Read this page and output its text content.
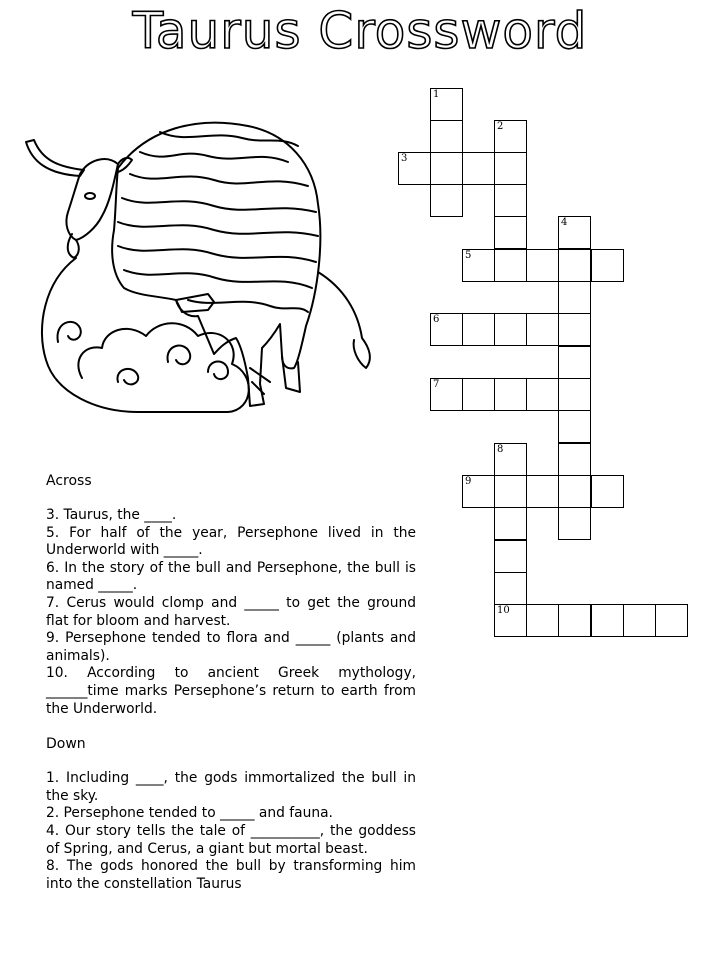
Taurus Crossword
1
3
2
5
4
6
7
8
9
10
Across

3. Taurus, the ____.

5. For half of the year, Persephone lived in the Underworld with _____.

6. In the story of the bull and Persephone, the bull is named _____.

7. Cerus would clomp and _____ to get the ground flat for bloom and harvest.

9. Persephone tended to flora and _____ (plants and animals).

10. According to ancient Greek mythology, ______time marks Persephone’s return to earth from the Underworld.

Down

1. Including ____, the gods immortalized the bull in the sky.

2. Persephone tended to _____ and fauna.

4. Our story tells the tale of __________, the goddess of Spring, and Cerus, a giant but mortal beast.

8. The gods honored the bull by transforming him into the constellation Taurus
